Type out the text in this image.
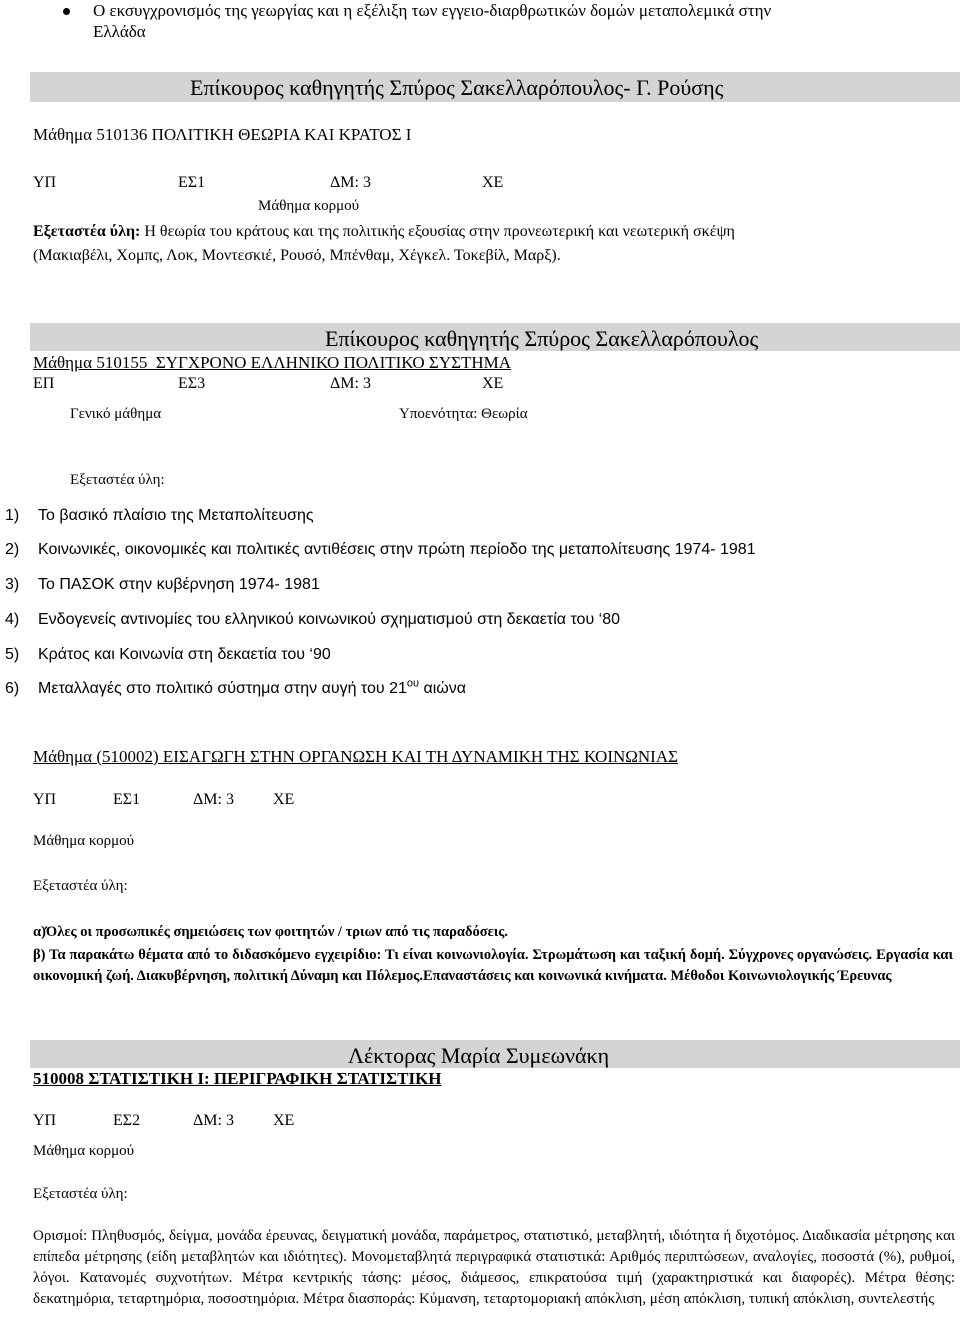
Ο εκσυγχρονισμός της γεωργίας και η εξέλιξη των εγγειο-διαρθρωτικών δομών μεταπολεμικά στην
Ελλάδα
Επίκουρος καθηγητής Σπύρος Σακελλαρόπουλος- Γ. Ρούσης
Μάθημα 510136 ΠΟΛΙΤΙΚΗ ΘΕΩΡΙΑ ΚΑΙ ΚΡΑΤΟΣ Ι
ΥΠ	ΕΣ1	ΔΜ: 3	ΧΕ
Μάθημα κορμού
Εξεταστέα ύλη: Η θεωρία του κράτους και της πολιτικής εξουσίας στην προνεωτερική και νεωτερική σκέψη
(Μακιαβέλι, Χομπς, Λοκ, Μοντεσκιέ, Ρουσό, Μπένθαμ, Χέγκελ. Τοκεβίλ, Μαρξ).
Επίκουρος καθηγητής Σπύρος Σακελλαρόπουλος
Μάθημα 510155 ΣΥΓΧΡΟΝΟ ΕΛΛΗΝΙΚΟ ΠΟΛΙΤΙΚΟ ΣΥΣΤΗΜΑ
ΕΠ	ΕΣ3	ΔΜ: 3	ΧΕ
Γενικό μάθημα	Υποενότητα: Θεωρία
Εξεταστέα ύλη:
1) Το βασικό πλαίσιο της Μεταπολίτευσης
2) Κοινωνικές, οικονομικές και πολιτικές αντιθέσεις στην πρώτη περίοδο της μεταπολίτευσης 1974- 1981
3) Το ΠΑΣΟΚ στην κυβέρνηση 1974- 1981
4) Ενδογενείς αντινομίες του ελληνικού κοινωνικού σχηματισμού στη δεκαετία του ‘80
5) Κράτος και Κοινωνία στη δεκαετία του ‘90
6) Μεταλλαγές στο πολιτικό σύστημα στην αυγή του $21^{o\upsilon}$ αιώνα
Μάθημα (510002) ΕΙΣΑΓΩΓΗ ΣΤΗΝ ΟΡΓΑΝΩΣΗ ΚΑΙ ΤΗ ΔΥΝΑΜΙΚΗ ΤΗΣ ΚΟΙΝΩΝΙΑΣ
ΥΠ	ΕΣ1	ΔΜ: 3 ΧΕ
Μάθημα κορμού
Εξεταστέα ύλη:
α)Όλες οι προσωπικές σημειώσεις των φοιτητών / τριων από τις παραδόσεις.
β) Τα παρακάτω θέματα από το διδασκόμενο εγχειρίδιο: Τι είναι κοινωνιολογία. Στρωμάτωση και ταξική δομή. Σύγχρονες οργανώσεις. Εργασία και οικονομική ζωή. Διακυβέρνηση, πολιτική Δύναμη και Πόλεμος.Επαναστάσεις και κοινωνικά κινήματα. Μέθοδοι Κοινωνιολογικής Έρευνας
Λέκτορας Μαρία Συμεωνάκη
510008 ΣΤΑΤΙΣΤΙΚΗ Ι: ΠΕΡΙΓΡΑΦΙΚΗ ΣΤΑΤΙΣΤΙΚΗ
ΥΠ	ΕΣ2	ΔΜ: 3 ΧΕ
Μάθημα κορμού
Εξεταστέα ύλη:
Ορισμοί: Πληθυσμός, δείγμα, μονάδα έρευνας, δειγματική μονάδα, παράμετρος, στατιστικό, μεταβλητή, ιδιότητα ή διχοτόμος. Διαδικασία μέτρησης και επίπεδα μέτρησης (είδη μεταβλητών και ιδιότητες). Μονομεταβλητά περιγραφικά στατιστικά: Αριθμός περιπτώσεων, αναλογίες, ποσοστά (%), ρυθμοί, λόγοι. Κατανομές συχνοτήτων. Μέτρα κεντρικής τάσης: μέσος, διάμεσος, επικρατούσα τιμή (χαρακτηριστικά και διαφορές). Μέτρα θέσης: δεκατημόρια, τεταρτημόρια, ποσοστημόρια. Μέτρα διασποράς: Κύμανση, τεταρτομοριακή απόκλιση, μέση απόκλιση, τυπική απόκλιση, συντελεστής
